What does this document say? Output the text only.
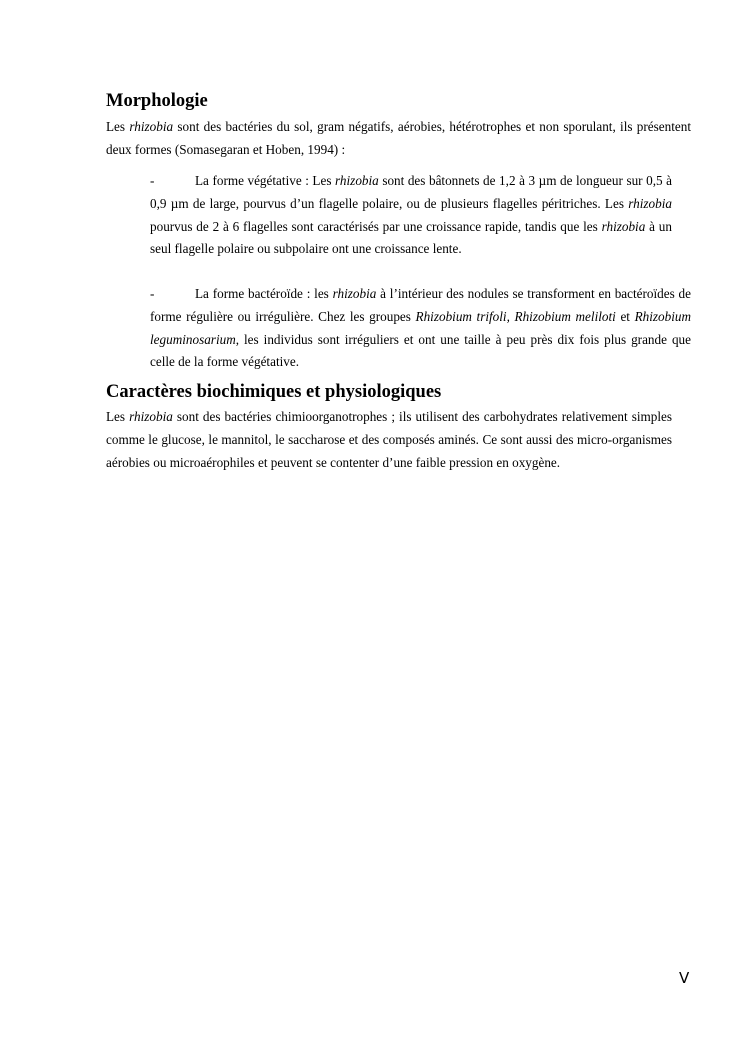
Morphologie

Les rhizobia sont des bactéries du sol, gram négatifs, aérobies, hétérotrophes et non sporulant, ils présentent deux formes (Somasegaran et Hoben, 1994) :

-	La forme végétative : Les rhizobia sont des bâtonnets de 1,2 à 3 µm de longueur sur 0,5 à 0,9 µm de large, pourvus d’un flagelle polaire, ou de plusieurs flagelles péritriches. Les rhizobia pourvus de 2 à 6 flagelles sont caractérisés par une croissance rapide, tandis que les rhizobia à un seul flagelle polaire ou subpolaire ont une croissance lente.

-	La forme bactéroïde : les rhizobia à l’intérieur des nodules se transforment en bactéroïdes de forme régulière ou irrégulière. Chez les groupes Rhizobium trifoli, Rhizobium meliloti et Rhizobium leguminosarium, les individus sont irréguliers et ont une taille à peu près dix fois plus grande que celle de la forme végétative.

Caractères biochimiques et physiologiques

Les rhizobia sont des bactéries chimioorganotrophes ; ils utilisent des carbohydrates relativement simples comme le glucose, le mannitol, le saccharose et des composés aminés. Ce sont aussi des micro-organismes aérobies ou microaérophiles et peuvent se contenter d’une faible pression en oxygène.

V
